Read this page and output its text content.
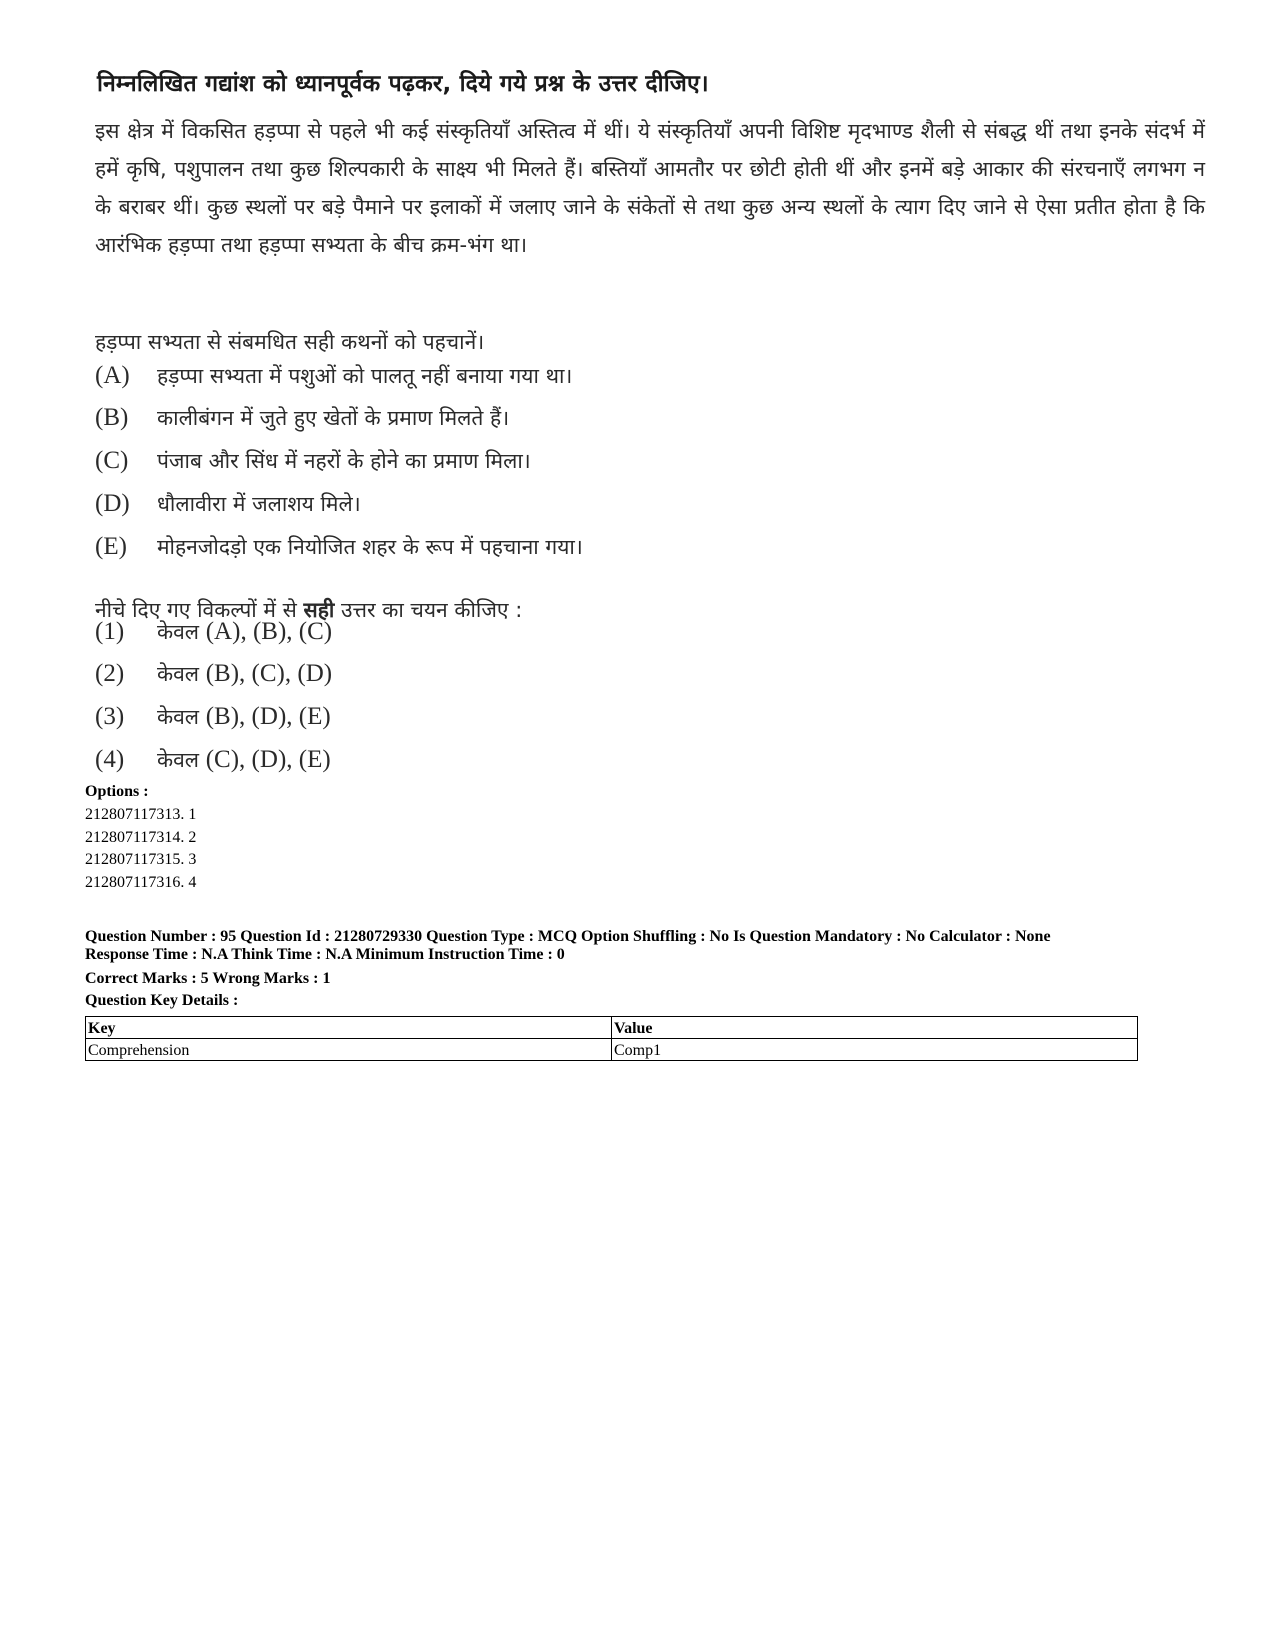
निम्नलिखित गद्यांश को ध्यानपूर्वक पढ़कर, दिये गये प्रश्न के उत्तर दीजिए।
इस क्षेत्र में विकसित हड़प्पा से पहले भी कई संस्कृतियाँ अस्तित्व में थीं। ये संस्कृतियाँ अपनी विशिष्ट मृदभाण्ड शैली से संबद्ध थीं तथा इनके संदर्भ में हमें कृषि, पशुपालन तथा कुछ शिल्पकारी के साक्ष्य भी मिलते हैं। बस्तियाँ आमतौर पर छोटी होती थीं और इनमें बड़े आकार की संरचनाएँ लगभग न के बराबर थीं। कुछ स्थलों पर बड़े पैमाने पर इलाकों में जलाए जाने के संकेतों से तथा कुछ अन्य स्थलों के त्याग दिए जाने से ऐसा प्रतीत होता है कि आरंभिक हड़प्पा तथा हड़प्पा सभ्यता के बीच क्रम-भंग था।
हड़प्पा सभ्यता से संबमधित सही कथनों को पहचानें।
(A) हड़प्पा सभ्यता में पशुओं को पालतू नहीं बनाया गया था।
(B) कालीबंगन में जुते हुए खेतों के प्रमाण मिलते हैं।
(C) पंजाब और सिंध में नहरों के होने का प्रमाण मिला।
(D) धौलावीरा में जलाशय मिले।
(E) मोहनजोदड़ो एक नियोजित शहर के रूप में पहचाना गया।
नीचे दिए गए विकल्पों में से सही उत्तर का चयन कीजिए :
(1) केवल (A), (B), (C)
(2) केवल (B), (C), (D)
(3) केवल (B), (D), (E)
(4) केवल (C), (D), (E)
Options :
212807117313. 1
212807117314. 2
212807117315. 3
212807117316. 4
Question Number : 95 Question Id : 21280729330 Question Type : MCQ Option Shuffling : No Is Question Mandatory : No Calculator : None
Response Time : N.A Think Time : N.A Minimum Instruction Time : 0
Correct Marks : 5 Wrong Marks : 1
Question Key Details :
Key	Value
Comprehension	Comp1
